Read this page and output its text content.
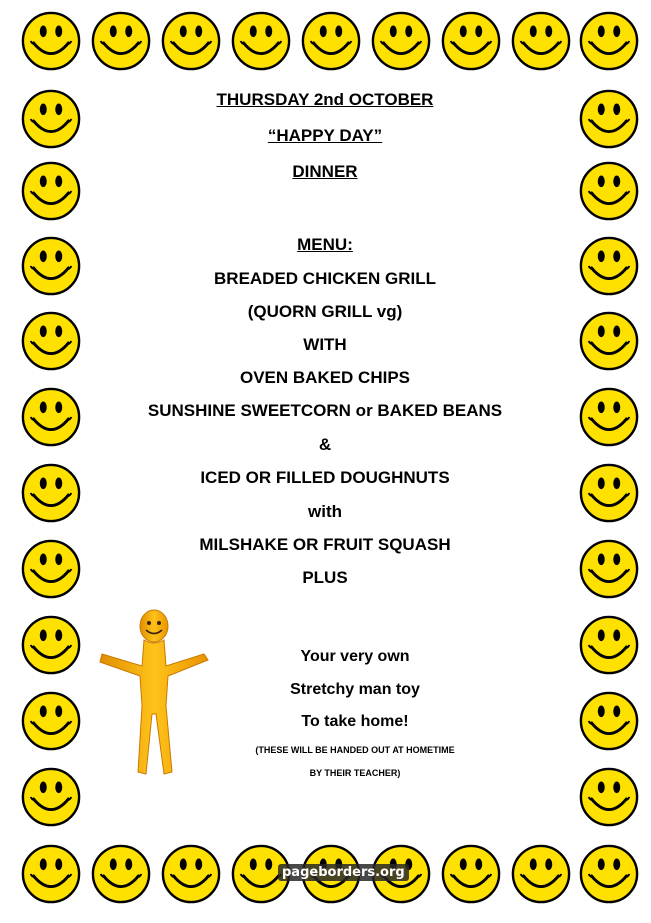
THURSDAY 2nd OCTOBER
“HAPPY DAY”
DINNER
MENU:
BREADED CHICKEN GRILL
(QUORN GRILL vg)
WITH
OVEN BAKED CHIPS
SUNSHINE SWEETCORN or BAKED BEANS
&
ICED OR FILLED DOUGHNUTS
with
MILSHAKE OR FRUIT SQUASH
PLUS
Your very own
Stretchy man toy
To take home!
(THESE WILL BE HANDED OUT AT HOMETIME
BY THEIR TEACHER)
pageborders.org
